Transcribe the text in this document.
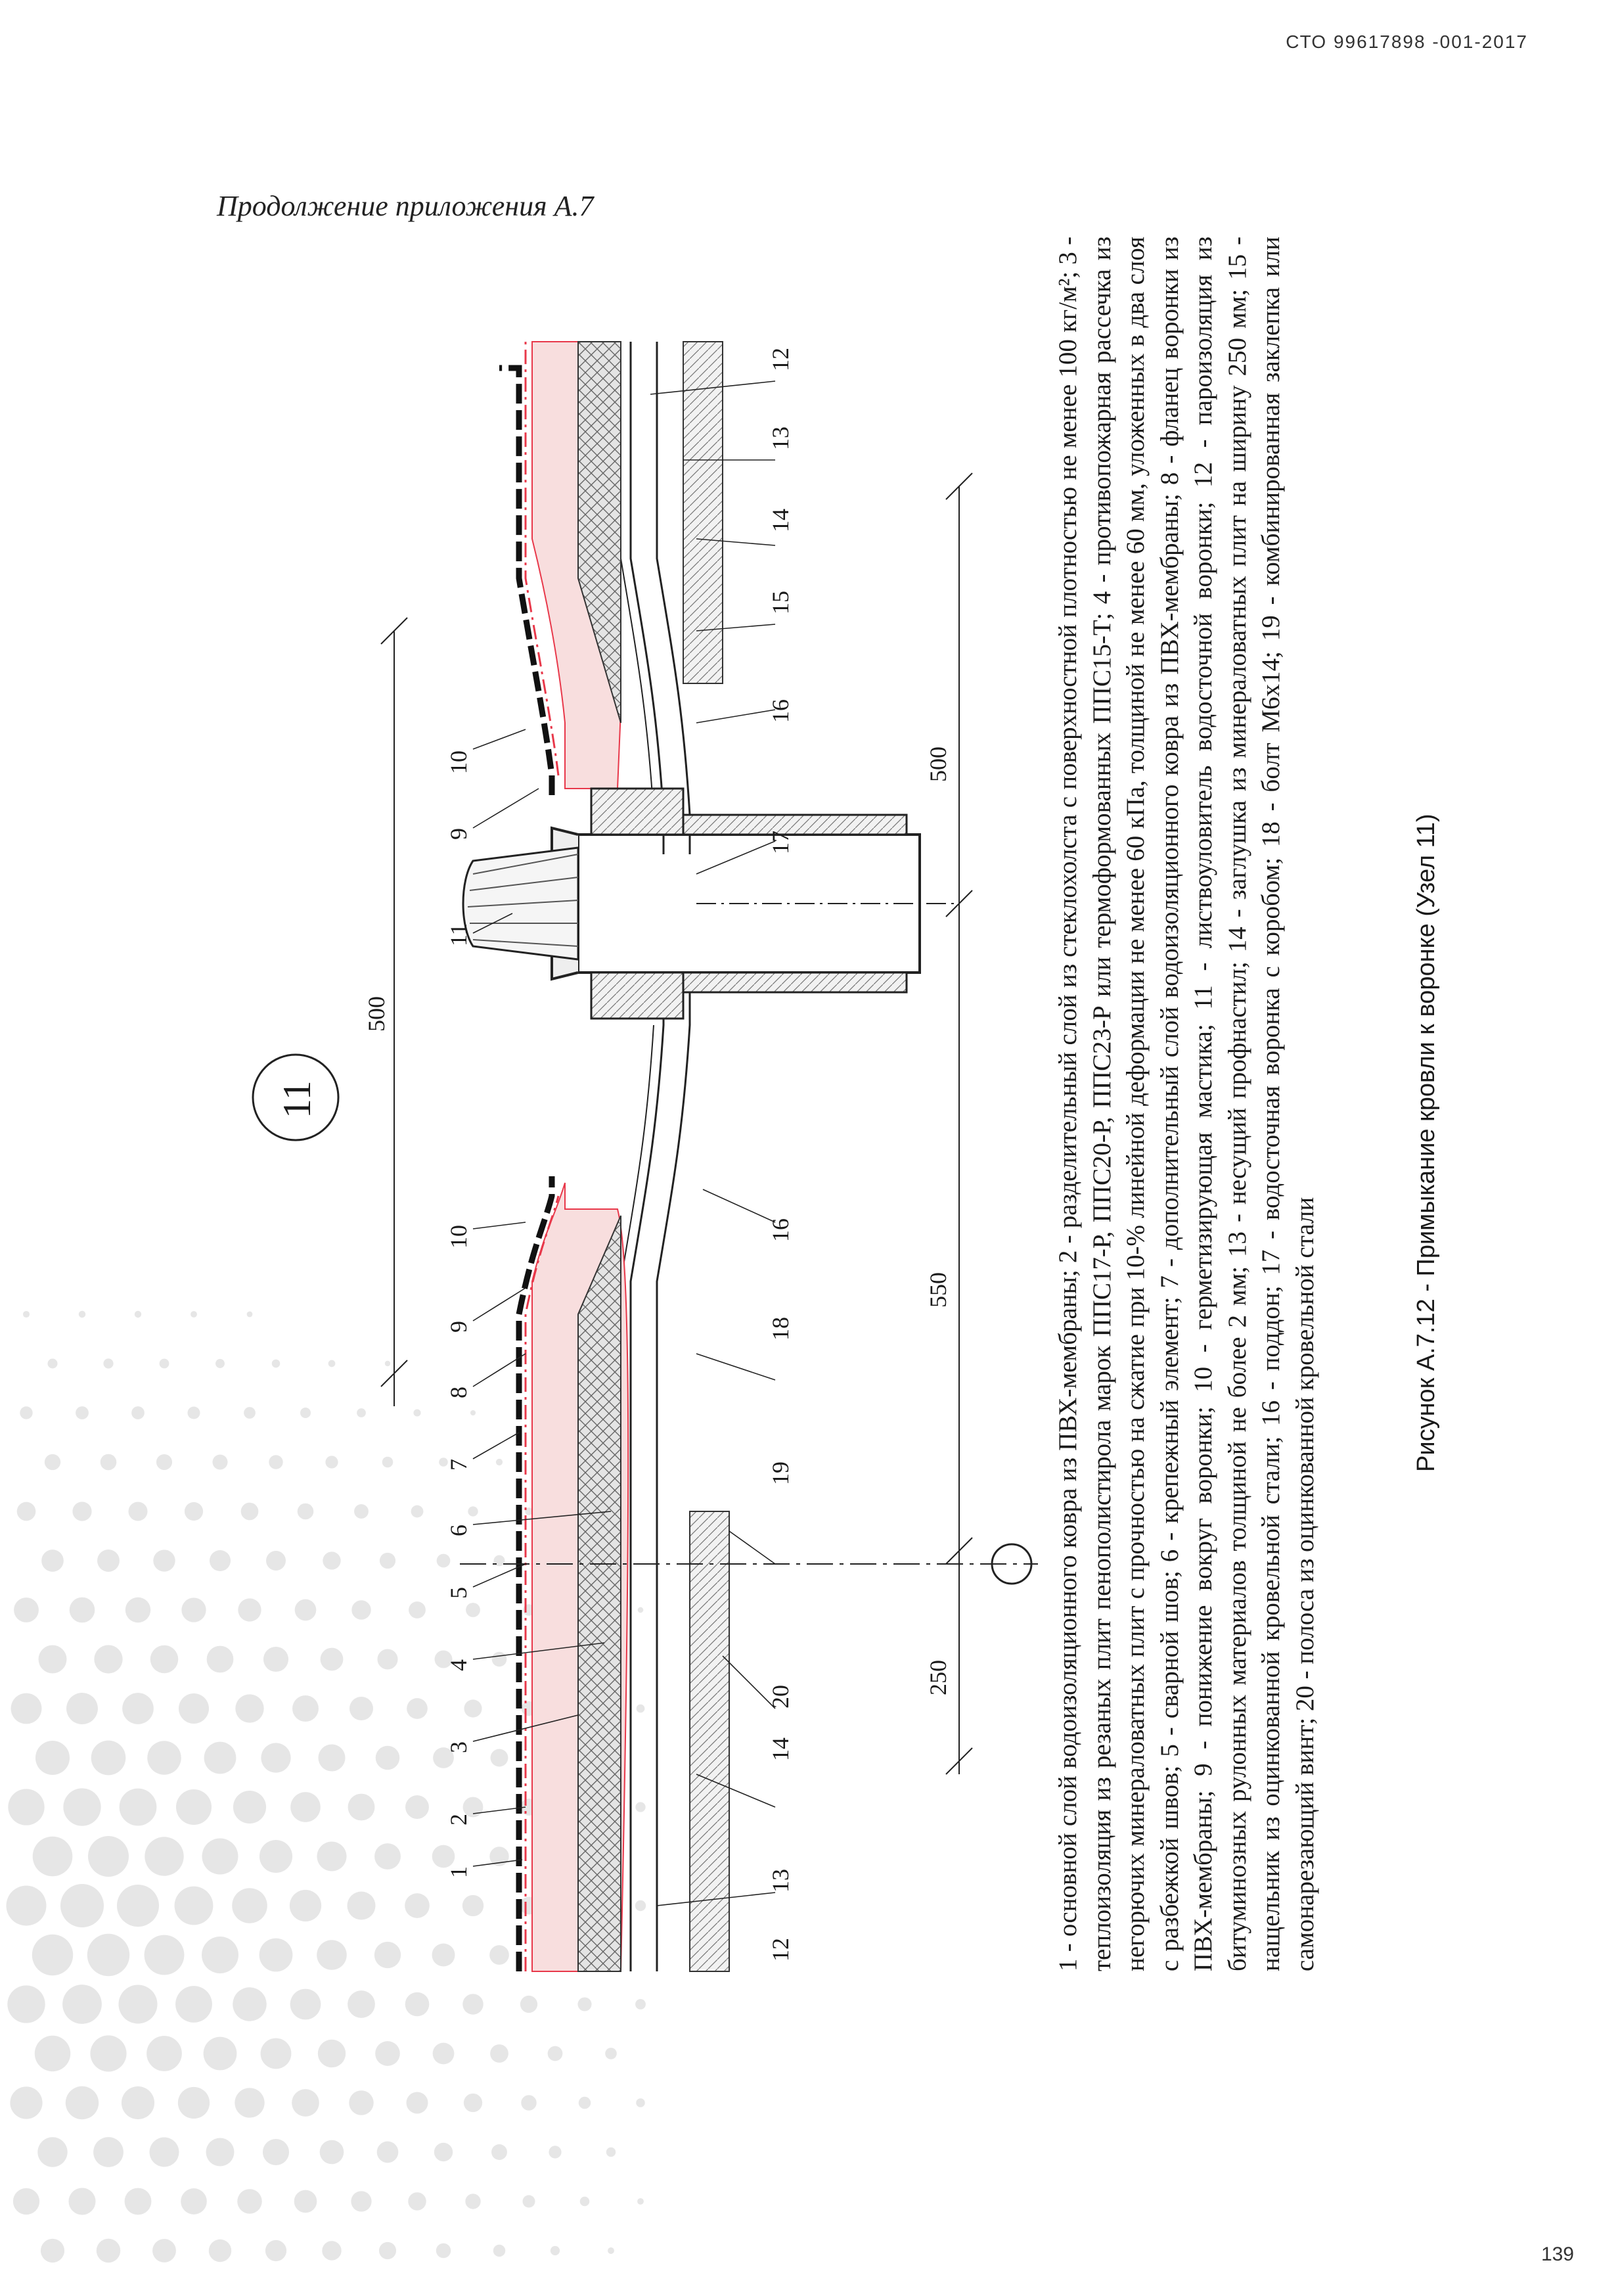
СТО 99617898 -001-2017
Продолжение приложения А.7
250
550
500
500
11
1
2
3
4
5
6
7
8
9
10
11
9
10
12
13
14
20
19
18
16
17
16
15
14
13
12	1 - основной слой водоизоляционного ковра из ПВХ-мембраны; 2 - разделительный слой из стеклохолста с поверхностной плотностью не менее 100 кг/м²; 3 - теплоизоляция из резаных плит пенополистирола марок ППС17-Р, ППС20-Р, ППС23-Р или термоформованных ППС15-Т; 4 - противопожарная рассечка из негорючих минераловатных плит с прочностью на сжатие при 10-% линейной деформации не менее 60 кПа, толщиной не менее 60 мм, уложенных в два слоя с разбежкой швов; 5 - сварной шов; 6 - крепежный элемент; 7 - дополнительный слой водоизоляционного ковра из ПВХ-мембраны; 8 - фланец воронки из ПВХ-мембраны; 9 - понижение вокруг воронки; 10 - герметизирующая мастика; 11 - листвоуловитель водосточной воронки; 12 - пароизоляция из битуминозных рулонных материалов толщиной не более 2 мм; 13 - несущий профнастил; 14 - заглушка из минераловатных плит на ширину 250 мм; 15 - нащельник из оцинкованной кровельной стали; 16 - поддон; 17 - водосточная воронка с коробом; 18 - болт М6х14; 19 - комбинированная заклепка или самонарезающий винт; 20 - полоса из оцинкованной кровельной стали

Рисунок А.7.12 - Примыкание кровли к воронке (Узел 11)
139
